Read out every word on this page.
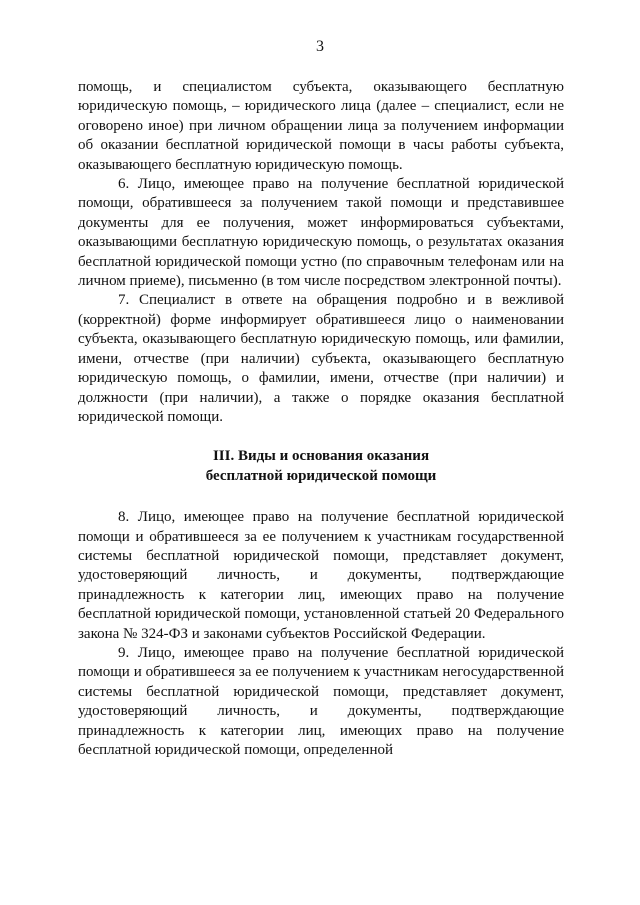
3

помощь, и специалистом субъекта, оказывающего бесплатную юридическую помощь, – юридического лица (далее – специалист, если не оговорено иное) при личном обращении лица за получением информации об оказании бесплатной юридической помощи в часы работы субъекта, оказывающего бесплатную юридическую помощь.

6. Лицо, имеющее право на получение бесплатной юридической помощи, обратившееся за получением такой помощи и представившее документы для ее получения, может информироваться субъектами, оказывающими бесплатную юридическую помощь, о результатах оказания бесплатной юридической помощи устно (по справочным телефонам или на личном приеме), письменно (в том числе посредством электронной почты).

7. Специалист в ответе на обращения подробно и в вежливой (корректной) форме информирует обратившееся лицо о наименовании субъекта, оказывающего бесплатную юридическую помощь, или фамилии, имени, отчестве (при наличии) субъекта, оказывающего бесплатную юридическую помощь, о фамилии, имени, отчестве (при наличии) и должности (при наличии), а также о порядке оказания бесплатной юридической помощи.

III. Виды и основания оказания
бесплатной юридической помощи

8. Лицо, имеющее право на получение бесплатной юридической помощи и обратившееся за ее получением к участникам государственной системы бесплатной юридической помощи, представляет документ, удостоверяющий личность, и документы, подтверждающие принадлежность к категории лиц, имеющих право на получение бесплатной юридической помощи, установленной статьей 20 Федерального закона № 324-ФЗ и законами субъектов Российской Федерации.

9. Лицо, имеющее право на получение бесплатной юридической помощи и обратившееся за ее получением к участникам негосударственной системы бесплатной юридической помощи, представляет документ, удостоверяющий личность, и документы, подтверждающие принадлежность к категории лиц, имеющих право на получение бесплатной юридической помощи, определенной
